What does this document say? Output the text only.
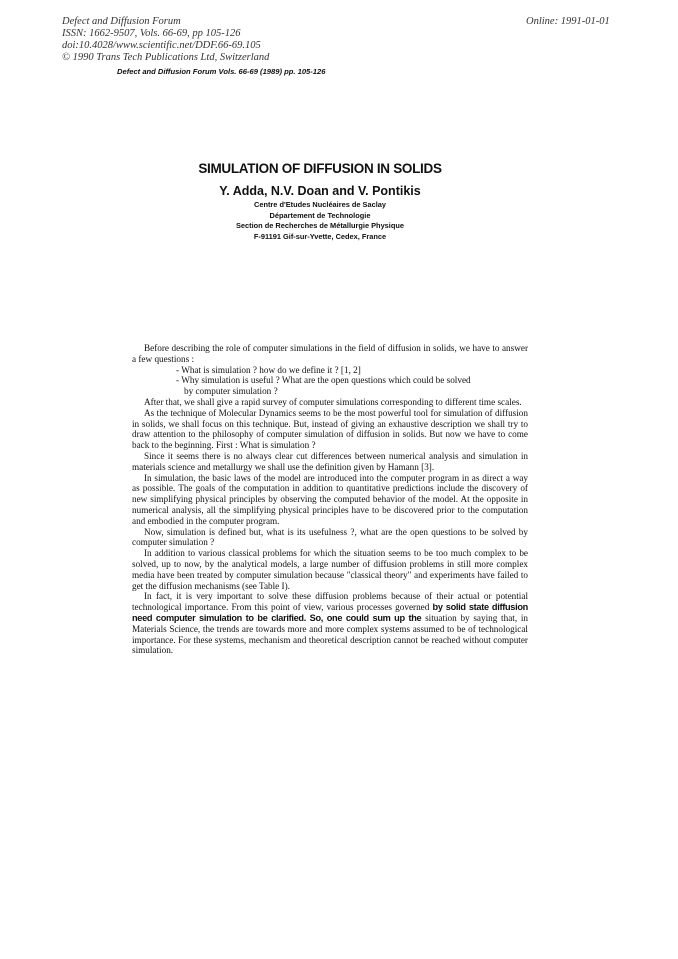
Defect and Diffusion Forum
ISSN: 1662-9507, Vols. 66-69, pp 105-126
doi:10.4028/www.scientific.net/DDF.66-69.105
© 1990 Trans Tech Publications Ltd, Switzerland
Online: 1991-01-01
Defect and Diffusion Forum Vols. 66-69 (1989) pp. 105-126
SIMULATION OF DIFFUSION IN SOLIDS
Y. Adda, N.V. Doan and V. Pontikis
Centre d'Etudes Nucléaires de Saclay
Département de Technologie
Section de Recherches de Métallurgie Physique
F-91191 Gif-sur-Yvette, Cedex, France

Before describing the role of computer simulations in the field of diffusion in solids, we have to answer a few questions :

- What is simulation ? how do we define it ? [1, 2]

- Why simulation is useful ? What are the open questions which could be solved

by computer simulation ?

After that, we shall give a rapid survey of computer simulations corresponding to different time scales.

As the technique of Molecular Dynamics seems to be the most powerful tool for simulation of diffusion in solids, we shall focus on this technique. But, instead of giving an exhaustive description we shall try to draw attention to the philosophy of computer simulation of diffusion in solids. But now we have to come back to the beginning. First : What is simulation ?

Since it seems there is no always clear cut differences between numerical analysis and simulation in materials science and metallurgy we shall use the definition given by Hamann [3].

In simulation, the basic laws of the model are introduced into the computer program in as direct a way as possible. The goals of the computation in addition to quantitative predictions include the discovery of new simplifying physical principles by observing the computed behavior of the model. At the opposite in numerical analysis, all the simplifying physical principles have to be discovered prior to the computation and embodied in the computer program.

Now, simulation is defined but, what is its usefulness ?, what are the open questions to be solved by computer simulation ?

In addition to various classical problems for which the situation seems to be too much complex to be solved, up to now, by the analytical models, a large number of diffusion problems in still more complex media have been treated by computer simulation because "classical theory" and experiments have failed to get the diffusion mechanisms (see Table I).

In fact, it is very important to solve these diffusion problems because of their actual or potential technological importance. From this point of view, various processes governed by solid state diffusion need computer simulation to be clarified. So, one could sum up the situation by saying that, in Materials Science, the trends are towards more and more complex systems assumed to be of technological importance. For these systems, mechanism and theoretical description cannot be reached without computer simulation.
